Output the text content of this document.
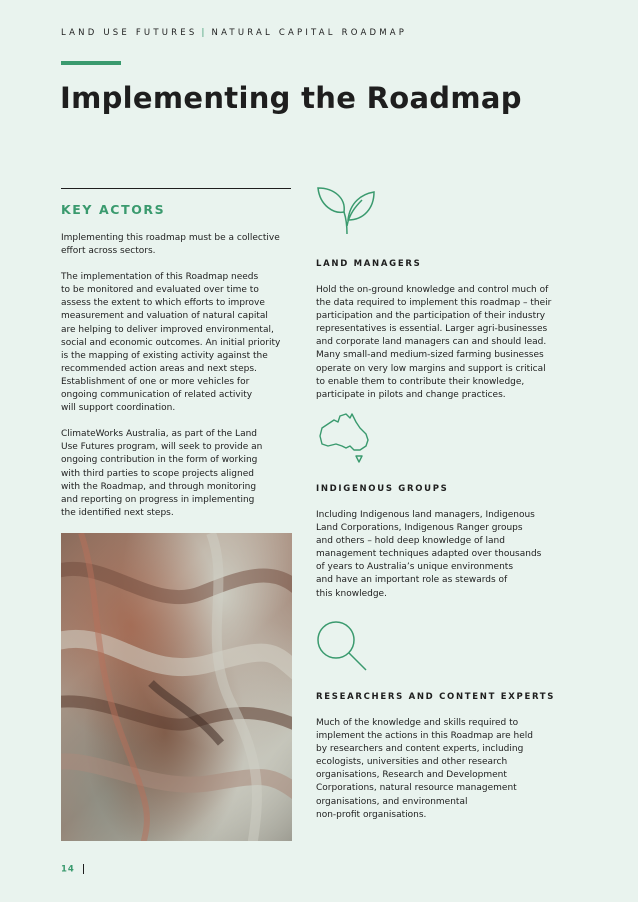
LAND USE FUTURES | NATURAL CAPITAL ROADMAP
Implementing the Roadmap
KEY ACTORS

Implementing this roadmap must be a collective
effort across sectors.

The implementation of this Roadmap needs
to be monitored and evaluated over time to
assess the extent to which efforts to improve
measurement and valuation of natural capital
are helping to deliver improved environmental,
social and economic outcomes. An initial priority
is the mapping of existing activity against the
recommended action areas and next steps.
Establishment of one or more vehicles for
ongoing communication of related activity
will support coordination.

ClimateWorks Australia, as part of the Land
Use Futures program, will seek to provide an
ongoing contribution in the form of working
with third parties to scope projects aligned
with the Roadmap, and through monitoring
and reporting on progress in implementing
the identified next steps.

LAND MANAGERS

Hold the on-ground knowledge and control much of
the data required to implement this roadmap – their
participation and the participation of their industry
representatives is essential. Larger agri-businesses
and corporate land managers can and should lead.
Many small-and medium-sized farming businesses
operate on very low margins and support is critical
to enable them to contribute their knowledge,
participate in pilots and change practices.

INDIGENOUS GROUPS

Including Indigenous land managers, Indigenous
Land Corporations, Indigenous Ranger groups
and others – hold deep knowledge of land
management techniques adapted over thousands
of years to Australia’s unique environments
and have an important role as stewards of
this knowledge.

RESEARCHERS AND CONTENT EXPERTS

Much of the knowledge and skills required to
implement the actions in this Roadmap are held
by researchers and content experts, including
ecologists, universities and other research
organisations, Research and Development
Corporations, natural resource management
organisations, and environmental
non-profit organisations.

14
